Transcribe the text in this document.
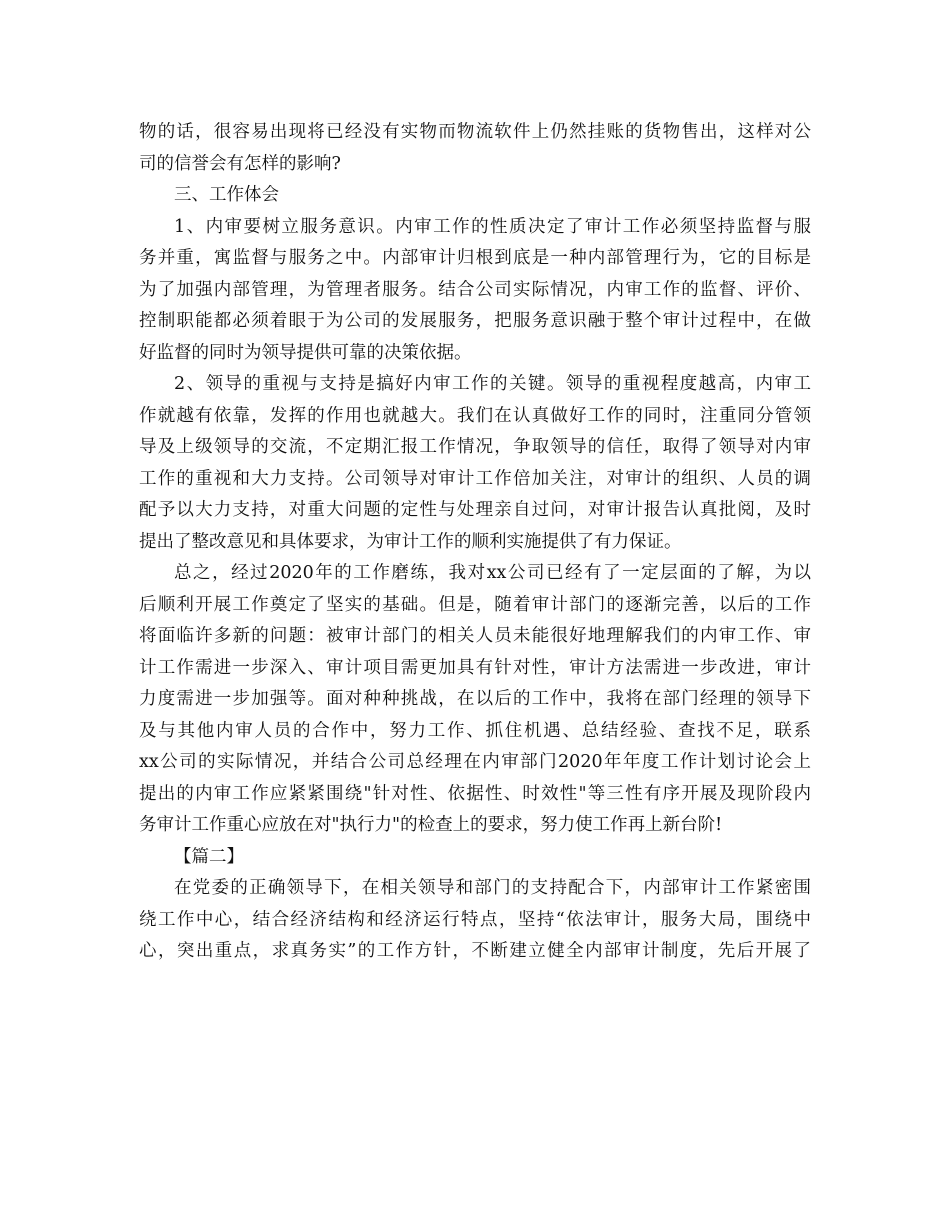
物的话，很容易出现将已经没有实物而物流软件上仍然挂账的货物售出，这样对公
司的信誉会有怎样的影响?
三、工作体会
1、内审要树立服务意识。内审工作的性质决定了审计工作必须坚持监督与服
务并重，寓监督与服务之中。内部审计归根到底是一种内部管理行为，它的目标是
为了加强内部管理，为管理者服务。结合公司实际情况，内审工作的监督、评价、
控制职能都必须着眼于为公司的发展服务，把服务意识融于整个审计过程中，在做
好监督的同时为领导提供可靠的决策依据。
2、领导的重视与支持是搞好内审工作的关键。领导的重视程度越高，内审工
作就越有依靠，发挥的作用也就越大。我们在认真做好工作的同时，注重同分管领
导及上级领导的交流，不定期汇报工作情况，争取领导的信任，取得了领导对内审
工作的重视和大力支持。公司领导对审计工作倍加关注，对审计的组织、人员的调
配予以大力支持，对重大问题的定性与处理亲自过问，对审计报告认真批阅，及时
提出了整改意见和具体要求，为审计工作的顺利实施提供了有力保证。
总之，经过2020年的工作磨练，我对xx公司已经有了一定层面的了解，为以
后顺利开展工作奠定了坚实的基础。但是，随着审计部门的逐渐完善，以后的工作
将面临许多新的问题：被审计部门的相关人员未能很好地理解我们的内审工作、审
计工作需进一步深入、审计项目需更加具有针对性，审计方法需进一步改进，审计
力度需进一步加强等。面对种种挑战，在以后的工作中，我将在部门经理的领导下
及与其他内审人员的合作中，努力工作、抓住机遇、总结经验、查找不足，联系
xx公司的实际情况，并结合公司总经理在内审部门2020年年度工作计划讨论会上
提出的内审工作应紧紧围绕"针对性、依据性、时效性"等三性有序开展及现阶段内
务审计工作重心应放在对"执行力"的检查上的要求，努力使工作再上新台阶!
【篇二】
在党委的正确领导下，在相关领导和部门的支持配合下，内部审计工作紧密围
绕工作中心，结合经济结构和经济运行特点，坚持“依法审计，服务大局，围绕中
心，突出重点，求真务实”的工作方针，不断建立健全内部审计制度，先后开展了
